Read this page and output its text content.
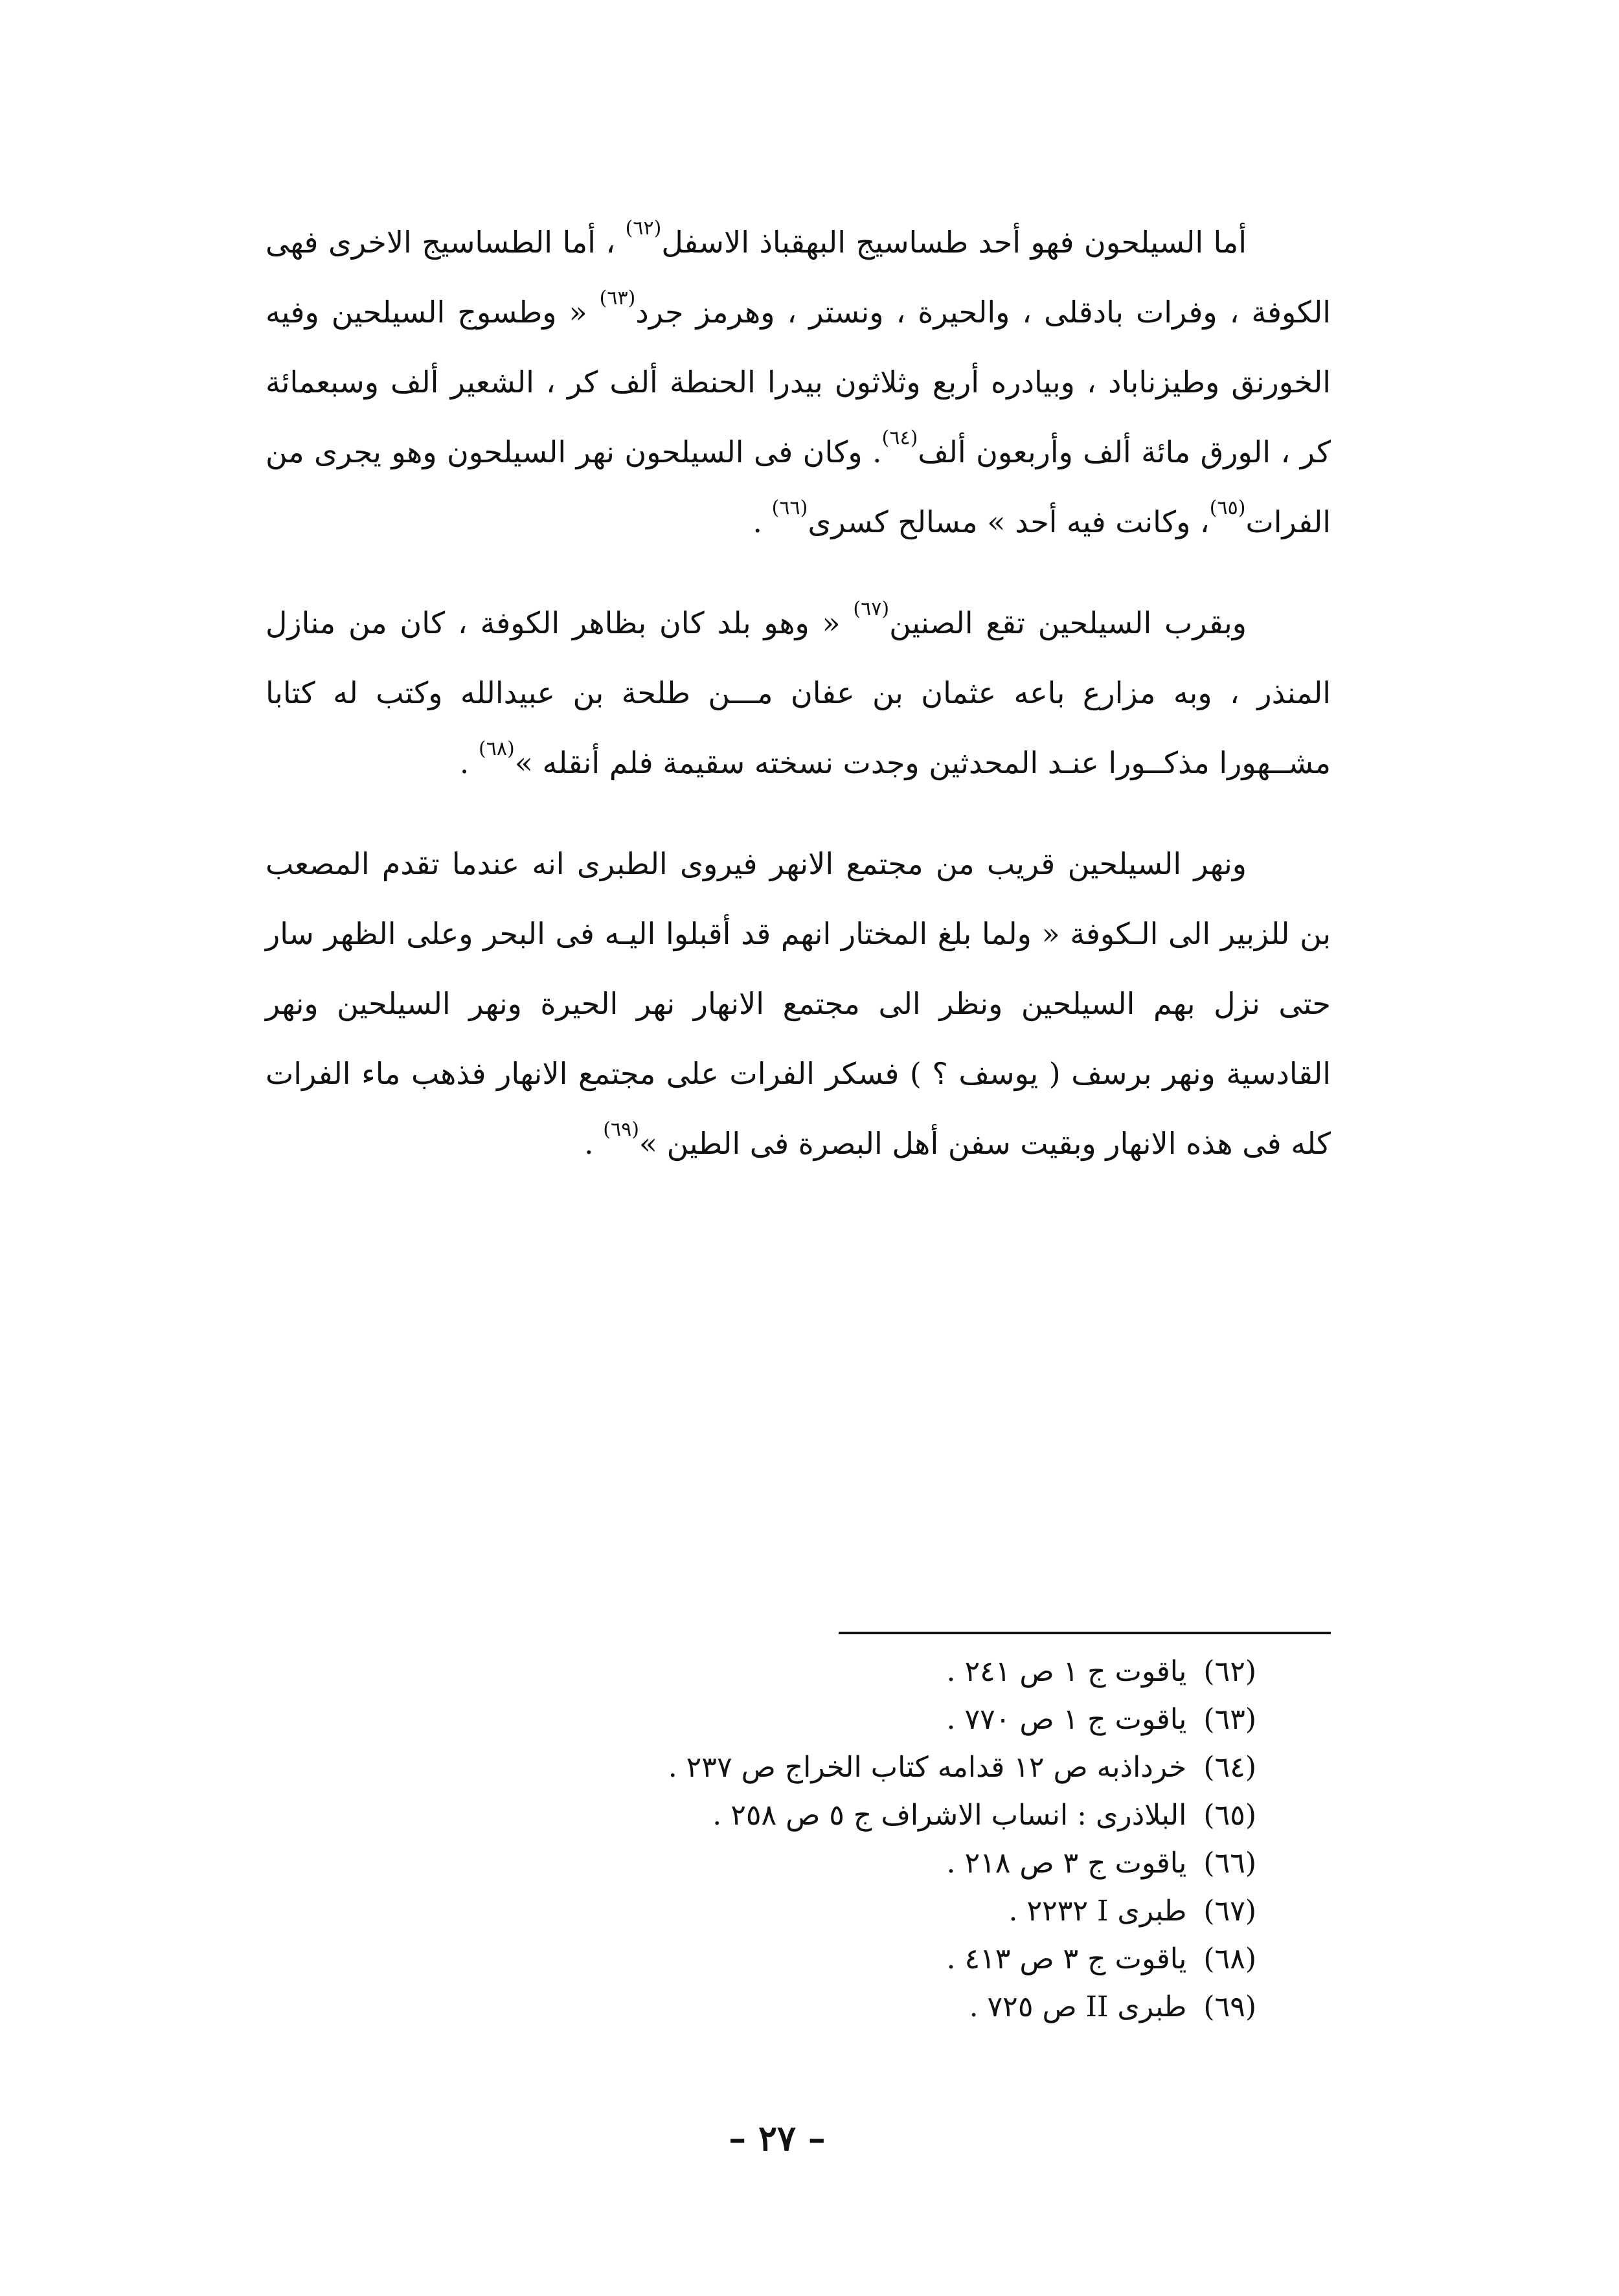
أما السيلحون فهو أحد طساسيج البهقباذ الاسفل$^{(٦٢)}$ ، أما الطساسيج الاخرى فهى الكوفة ، وفرات بادقلى ، والحيرة ، ونستر ، وهرمز جرد$^{(٦٣)}$ « وطسوج السيلحين وفيه الخورنق وطيزناباد ، وبيادره أربع وثلاثون بيدرا الحنطة ألف كر ، الشعير ألف وسبعمائة كر ، الورق مائة ألف وأربعون ألف$^{(٦٤)}$. وكان فى السيلحون نهر السيلحون وهو يجرى من الفرات$^{(٦٥)}$، وكانت فيه أحد » مسالح كسرى$^{(٦٦)}$ .

وبقرب السيلحين تقع الصنين$^{(٦٧)}$ « وهو بلد كان بظاهر الكوفة ، كان من منازل المنذر ، وبه مزارع باعه عثمان بن عفان مـــن طلحة بن عبيدالله وكتب له كتابا مشــهورا مذكــورا عنـد المحدثين وجدت نسخته سقيمة فلم أنقله »$^{(٦٨)}$ .

ونهر السيلحين قريب من مجتمع الانهر فيروى الطبرى انه عندما تقدم المصعب بن للزبير الى الـكوفة « ولما بلغ المختار انهم قد أقبلوا اليـه فى البحر وعلى الظهر سار حتى نزل بهم السيلحين ونظر الى مجتمع الانهار نهر الحيرة ونهر السيلحين ونهر القادسية ونهر برسف ( يوسف ؟ ) فسكر الفرات على مجتمع الانهار فذهب ماء الفرات كله فى هذه الانهار وبقيت سفن أهل البصرة فى الطين »$^{(٦٩)}$ .

(٦٢)ياقوت ج ١ ص ٢٤١ .
(٦٣)ياقوت ج ١ ص ٧٧٠ .
(٦٤)خرداذبه ص ١٢ قدامه كتاب الخراج ص ٢٣٧ .
(٦٥)البلاذرى : انساب الاشراف ج ٥ ص ٢٥٨ .
(٦٦)ياقوت ج ٣ ص ٢١٨ .
(٦٧)طبرى I ٢٢٣٢ .
(٦٨)ياقوت ج ٣ ص ٤١٣ .
(٦٩)طبرى II ص ٧٢٥ .
– ٢٧ –
